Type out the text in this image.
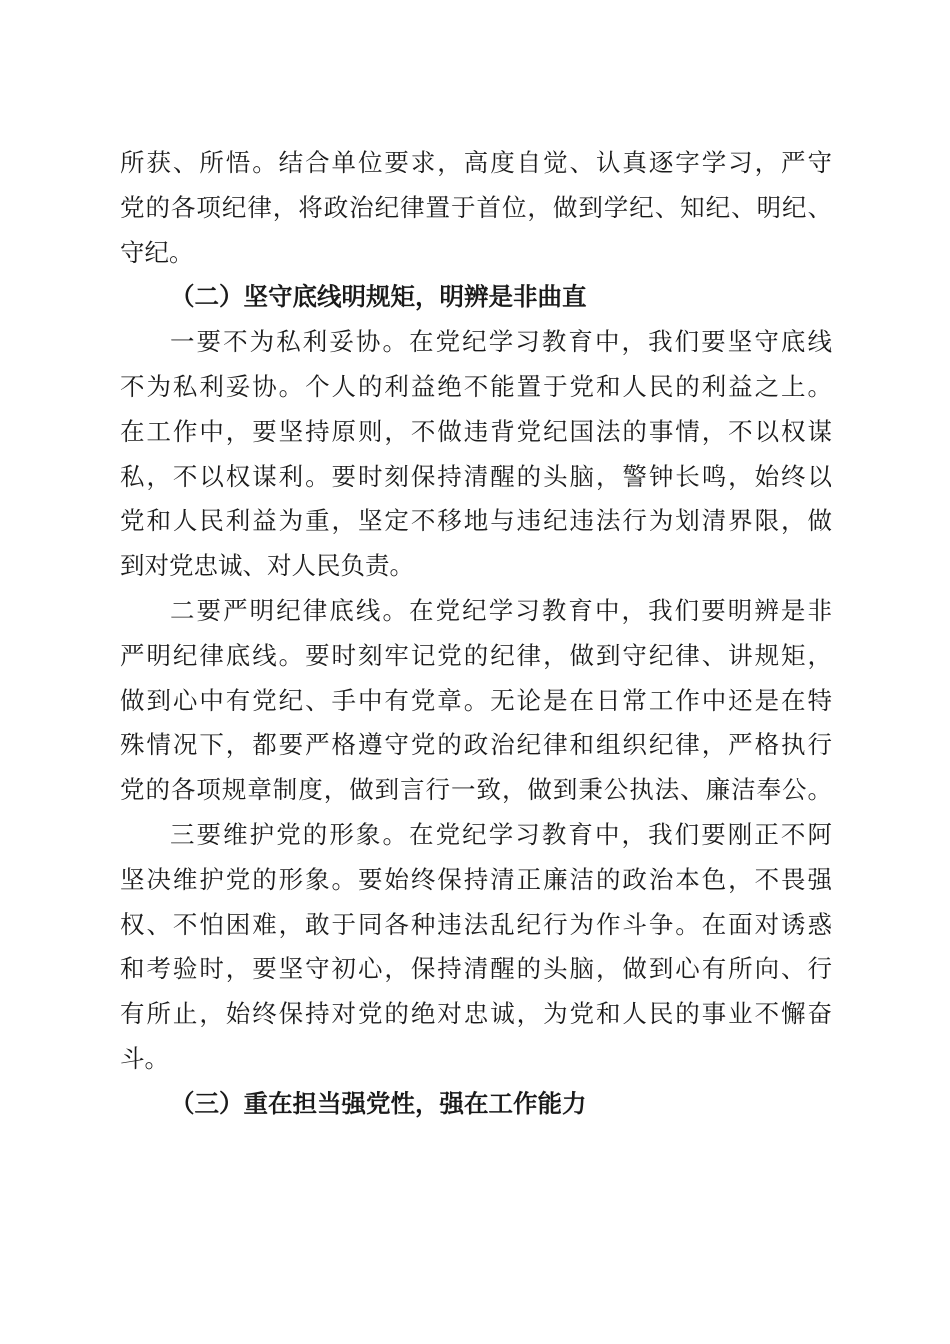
所获、所悟。结合单位要求，高度自觉、认真逐字学习，严守
党的各项纪律，将政治纪律置于首位，做到学纪、知纪、明纪、
守纪。
（二）坚守底线明规矩，明辨是非曲直
一要不为私利妥协。在党纪学习教育中，我们要坚守底线
不为私利妥协。个人的利益绝不能置于党和人民的利益之上。
在工作中，要坚持原则，不做违背党纪国法的事情，不以权谋
私，不以权谋利。要时刻保持清醒的头脑，警钟长鸣，始终以
党和人民利益为重，坚定不移地与违纪违法行为划清界限，做
到对党忠诚、对人民负责。
二要严明纪律底线。在党纪学习教育中，我们要明辨是非
严明纪律底线。要时刻牢记党的纪律，做到守纪律、讲规矩，
做到心中有党纪、手中有党章。无论是在日常工作中还是在特
殊情况下，都要严格遵守党的政治纪律和组织纪律，严格执行
党的各项规章制度，做到言行一致，做到秉公执法、廉洁奉公。
三要维护党的形象。在党纪学习教育中，我们要刚正不阿
坚决维护党的形象。要始终保持清正廉洁的政治本色，不畏强
权、不怕困难，敢于同各种违法乱纪行为作斗争。在面对诱惑
和考验时，要坚守初心，保持清醒的头脑，做到心有所向、行
有所止，始终保持对党的绝对忠诚，为党和人民的事业不懈奋
斗。
（三）重在担当强党性，强在工作能力
